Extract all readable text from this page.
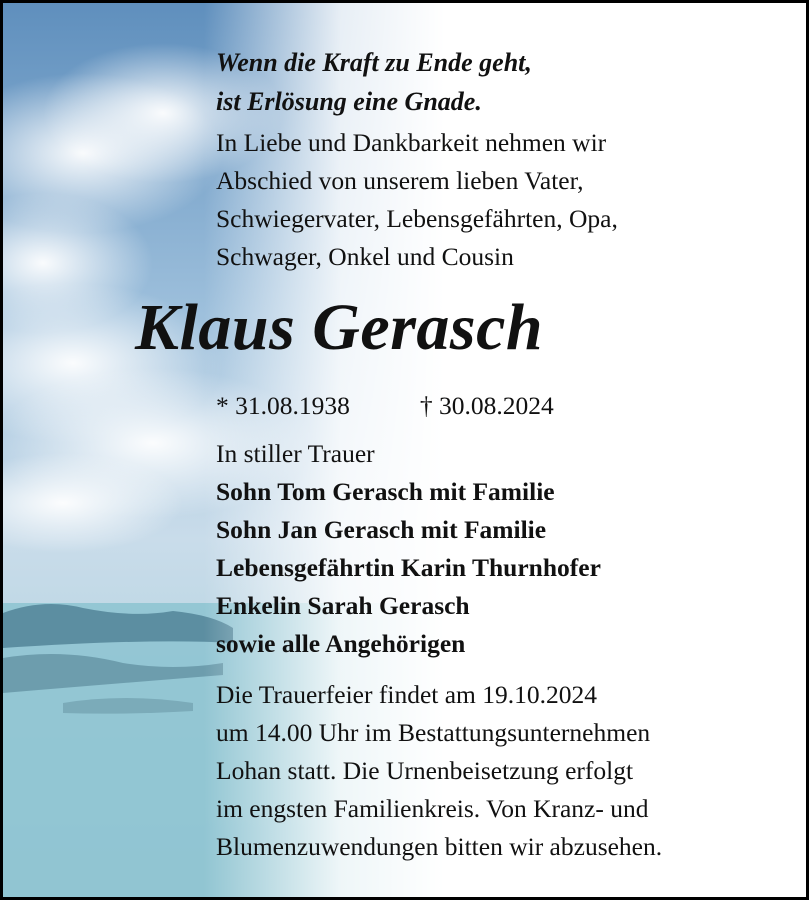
Wenn die Kraft zu Ende geht,
ist Erlösung eine Gnade.
In Liebe und Dankbarkeit nehmen wir
Abschied von unserem lieben Vater,
Schwiegervater, Lebensgefährten, Opa,
Schwager, Onkel und Cousin
Klaus Gerasch
* 31.08.1938	† 30.08.2024
In stiller Trauer
Sohn Tom Gerasch mit Familie
Sohn Jan Gerasch mit Familie
Lebensgefährtin Karin Thurnhofer
Enkelin Sarah Gerasch
sowie alle Angehörigen
Die Trauerfeier findet am 19.10.2024
um 14.00 Uhr im Bestattungsunternehmen
Lohan statt. Die Urnenbeisetzung erfolgt
im engsten Familienkreis. Von Kranz- und
Blumenzuwendungen bitten wir abzusehen.
